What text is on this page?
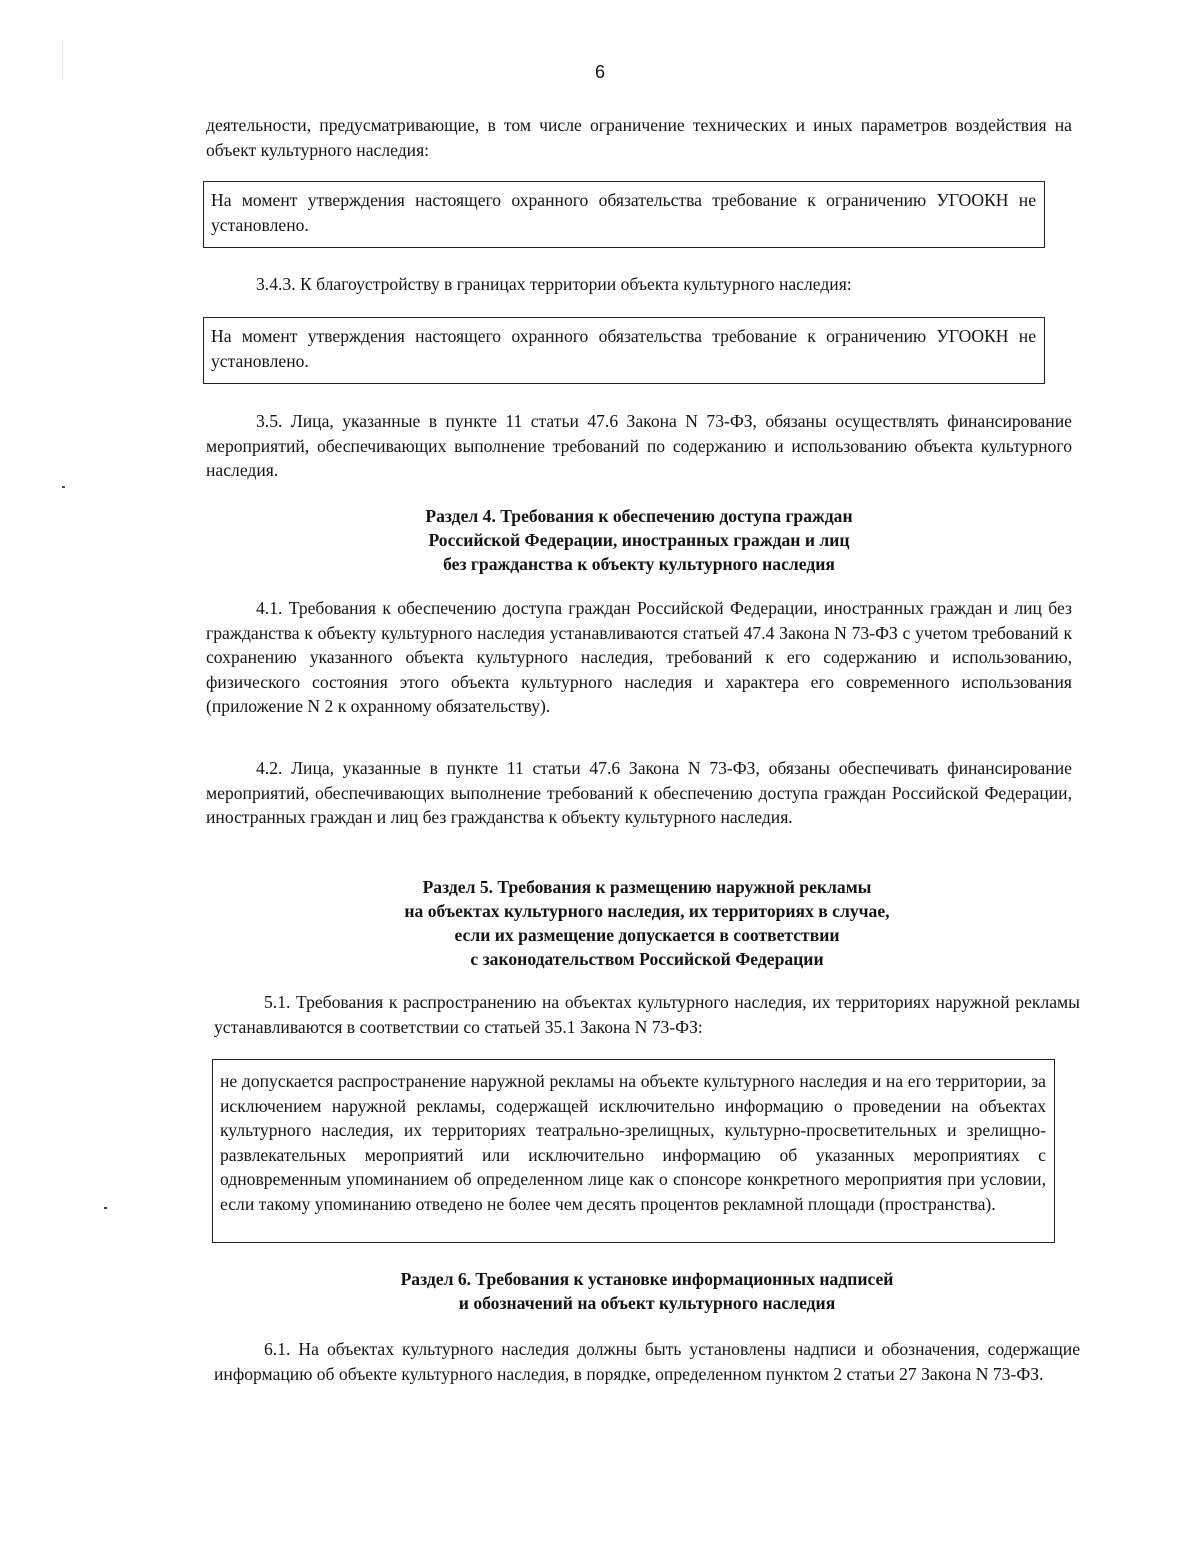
6

деятельности, предусматривающие, в том числе ограничение технических и иных параметров воздействия на объект культурного наследия:

На момент утверждения настоящего охранного обязательства требование к ограничению УГООКН не установлено.

3.4.3. К благоустройству в границах территории объекта культурного наследия:

На момент утверждения настоящего охранного обязательства требование к ограничению УГООКН не установлено.

3.5. Лица, указанные в пункте 11 статьи 47.6 Закона N 73-ФЗ, обязаны осуществлять финансирование мероприятий, обеспечивающих выполнение требований по содержанию и использованию объекта культурного наследия.

Раздел 4. Требования к обеспечению доступа граждан
Российской Федерации, иностранных граждан и лиц
без гражданства к объекту культурного наследия

4.1. Требования к обеспечению доступа граждан Российской Федерации, иностранных граждан и лиц без гражданства к объекту культурного наследия устанавливаются статьей 47.4 Закона N 73-ФЗ с учетом требований к сохранению указанного объекта культурного наследия, требований к его содержанию и использованию, физического состояния этого объекта культурного наследия и характера его современного использования (приложение N 2 к охранному обязательству).

4.2. Лица, указанные в пункте 11 статьи 47.6 Закона N 73-ФЗ, обязаны обеспечивать финансирование мероприятий, обеспечивающих выполнение требований к обеспечению доступа граждан Российской Федерации, иностранных граждан и лиц без гражданства к объекту культурного наследия.

Раздел 5. Требования к размещению наружной рекламы
на объектах культурного наследия, их территориях в случае,
если их размещение допускается в соответствии
с законодательством Российской Федерации

5.1. Требования к распространению на объектах культурного наследия, их территориях наружной рекламы устанавливаются в соответствии со статьей 35.1 Закона N 73-ФЗ:

не допускается распространение наружной рекламы на объекте культурного наследия и на его территории, за исключением наружной рекламы, содержащей исключительно информацию о проведении на объектах культурного наследия, их территориях театрально-зрелищных, культурно-просветительных и зрелищно-развлекательных мероприятий или исключительно информацию об указанных мероприятиях с одновременным упоминанием об определенном лице как о спонсоре конкретного мероприятия при условии, если такому упоминанию отведено не более чем десять процентов рекламной площади (пространства).
Раздел 6. Требования к установке информационных надписей
и обозначений на объект культурного наследия

6.1. На объектах культурного наследия должны быть установлены надписи и обозначения, содержащие информацию об объекте культурного наследия, в порядке, определенном пунктом 2 статьи 27 Закона N 73-ФЗ.
